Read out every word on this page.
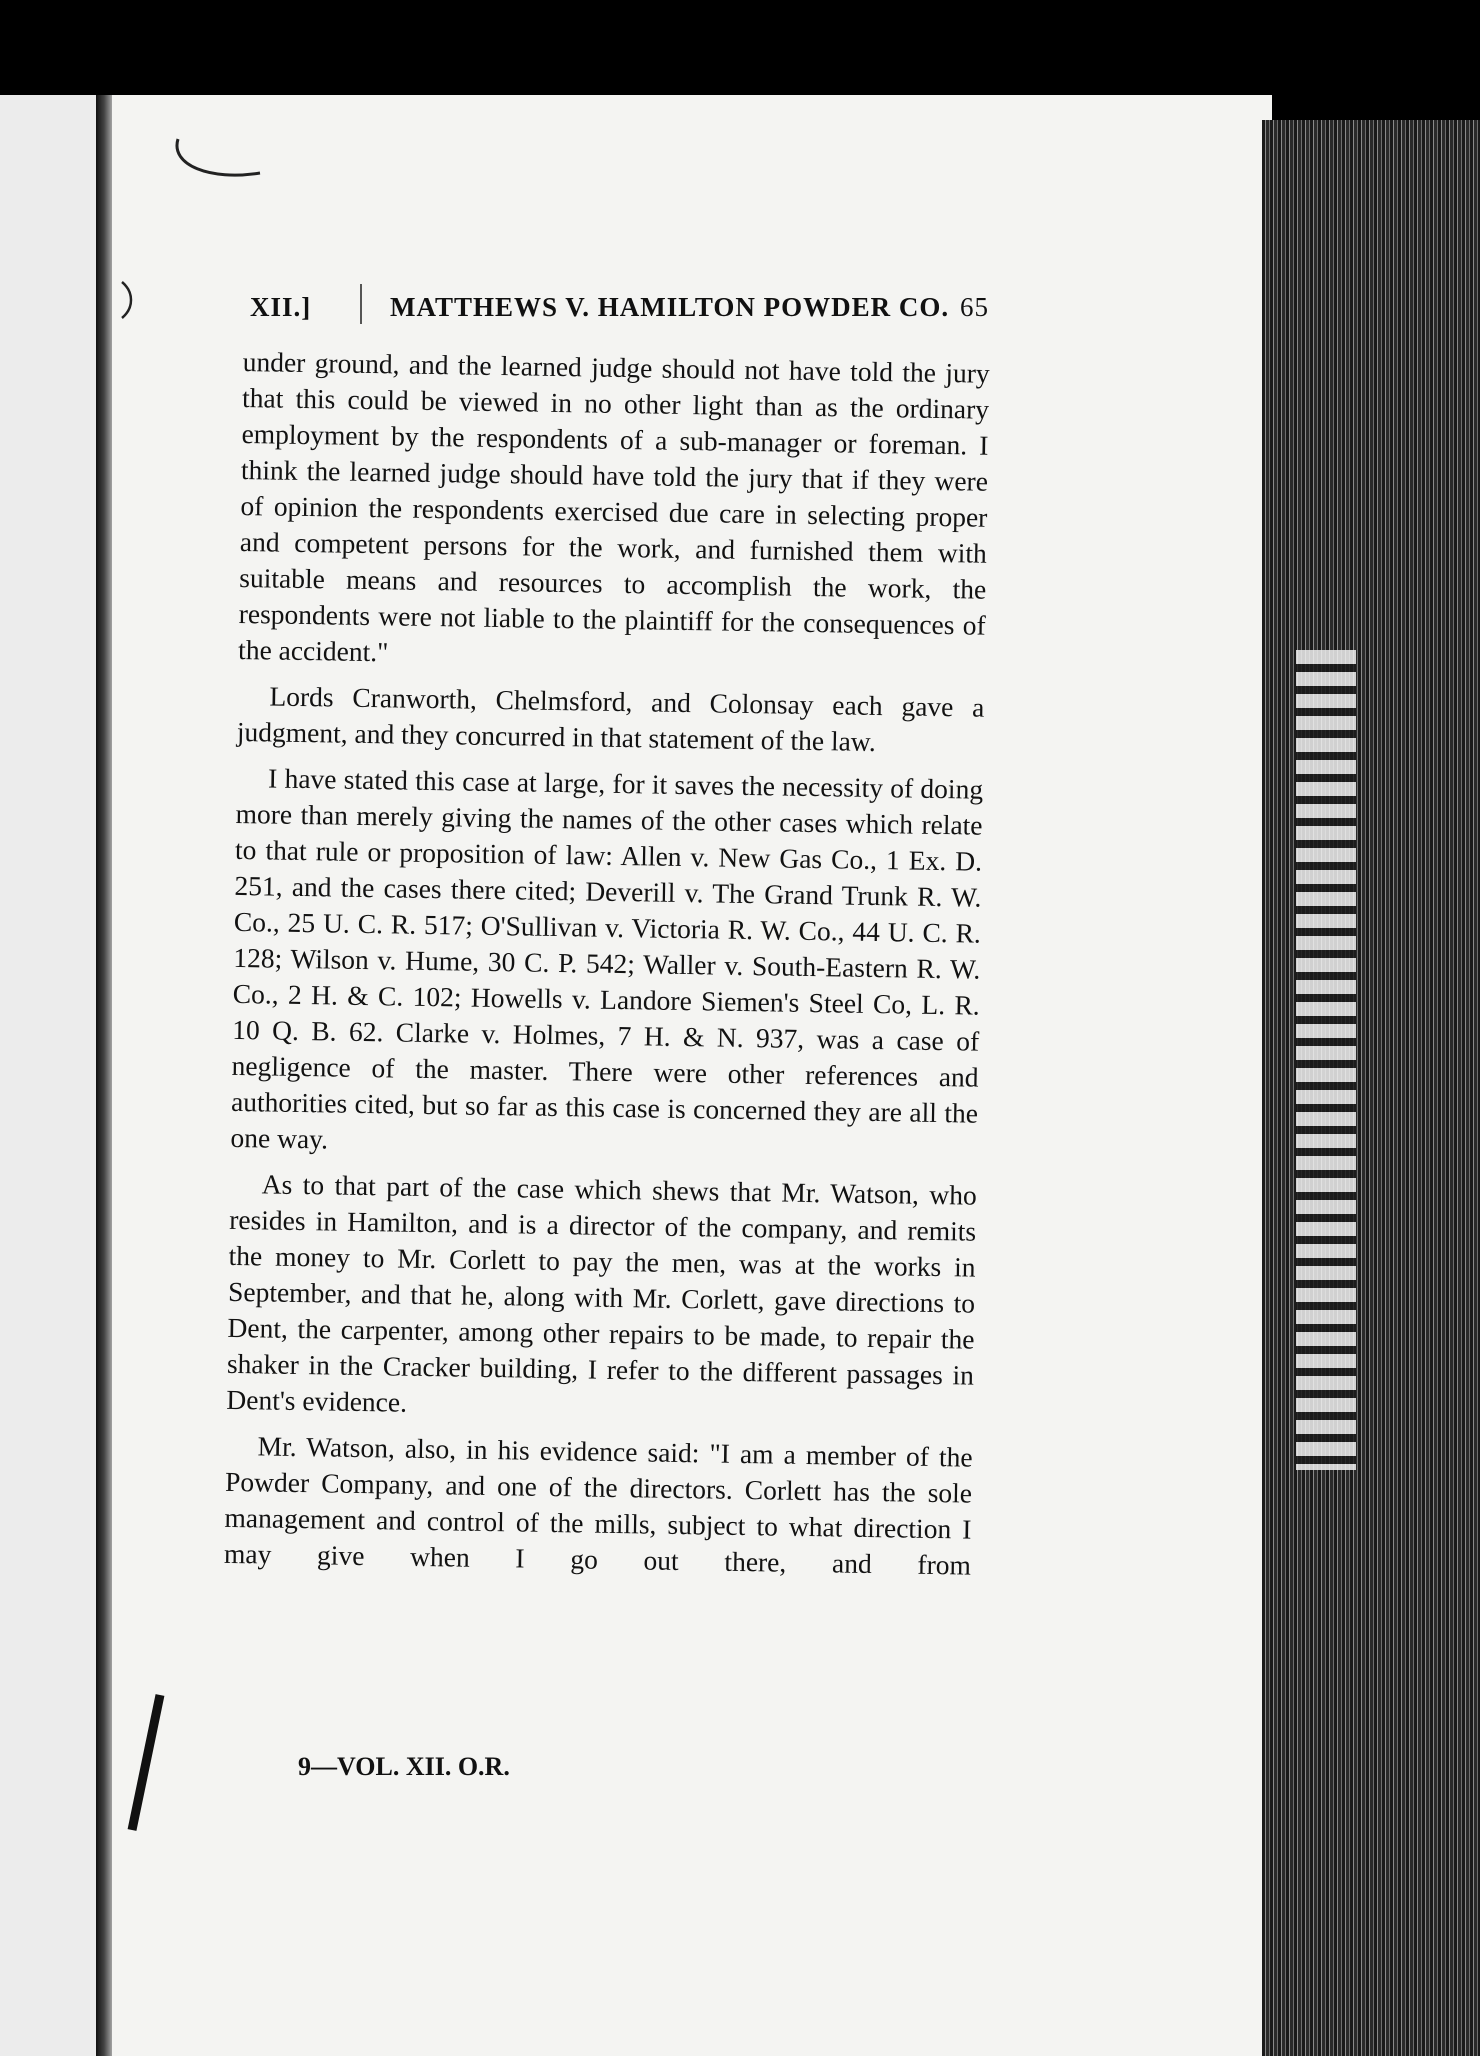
XII.]	MATTHEWS V. HAMILTON POWDER CO. 65

under ground, and the learned judge should not have told the jury that this could be viewed in no other light than as the ordinary employment by the respondents of a sub-manager or foreman. I think the learned judge should have told the jury that if they were of opinion the respondents exercised due care in selecting proper and competent persons for the work, and furnished them with suitable means and resources to accomplish the work, the respondents were not liable to the plaintiff for the consequences of the accident."

Lords Cranworth, Chelmsford, and Colonsay each gave a judgment, and they concurred in that statement of the law.

I have stated this case at large, for it saves the necessity of doing more than merely giving the names of the other cases which relate to that rule or proposition of law: Allen v. New Gas Co., 1 Ex. D. 251, and the cases there cited; Deverill v. The Grand Trunk R. W. Co., 25 U. C. R. 517; O'Sullivan v. Victoria R. W. Co., 44 U. C. R. 128; Wilson v. Hume, 30 C. P. 542; Waller v. South-Eastern R. W. Co., 2 H. & C. 102; Howells v. Landore Siemen's Steel Co, L. R. 10 Q. B. 62. Clarke v. Holmes, 7 H. & N. 937, was a case of negligence of the master. There were other references and authorities cited, but so far as this case is concerned they are all the one way.

As to that part of the case which shews that Mr. Watson, who resides in Hamilton, and is a director of the company, and remits the money to Mr. Corlett to pay the men, was at the works in September, and that he, along with Mr. Corlett, gave directions to Dent, the carpenter, among other repairs to be made, to repair the shaker in the Cracker building, I refer to the different passages in Dent's evidence.

Mr. Watson, also, in his evidence said: "I am a member of the Powder Company, and one of the directors. Corlett has the sole management and control of the mills, subject to what direction I may give when I go out there, and from

9—VOL. XII. O.R.
